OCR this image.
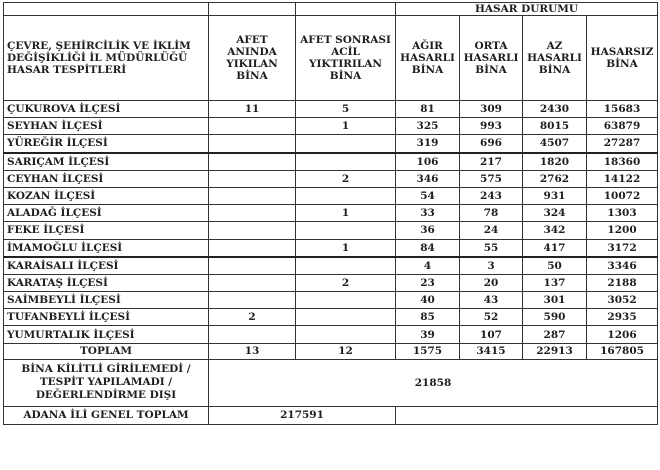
			HASAR DURUMU			
ÇEVRE, ŞEHİRCİLİK VE İKLİM DEĞİŞİKLİĞİ İL MÜDÜRLÜĞÜ HASAR TESPİTLERİ	AFET ANINDA YIKILAN BİNA	AFET SONRASI ACİL YIKTIRILAN BİNA	AĞIR HASARLI BİNA	ORTA HASARLI BİNA	AZ HASARLI BİNA	HASARSIZ BİNA
ÇUKUROVA İLÇESİ	11	5	81	309	2430	15683
SEYHAN İLÇESİ		1	325	993	8015	63879
YÜREĞİR İLÇESİ			319	696	4507	27287
SARIÇAM İLÇESİ			106	217	1820	18360
CEYHAN İLÇESİ		2	346	575	2762	14122
KOZAN İLÇESİ			54	243	931	10072
ALADAĞ İLÇESİ		1	33	78	324	1303
FEKE İLÇESİ			36	24	342	1200
İMAMOĞLU İLÇESİ		1	84	55	417	3172
KARAİSALI İLÇESİ			4	3	50	3346
KARATAŞ İLÇESİ		2	23	20	137	2188
SAİMBEYLİ İLÇESİ			40	43	301	3052
TUFANBEYLİ İLÇESİ	2		85	52	590	2935
YUMURTALIK İLÇESİ			39	107	287	1206
TOPLAM	13	12	1575	3415	22913	167805
BİNA KİLİTLİ GİRİLEMEDİ / TESPİT YAPILAMADI / DEĞERLENDİRME DIŞI	21858					
ADANA İLİ GENEL TOPLAM	217591					
